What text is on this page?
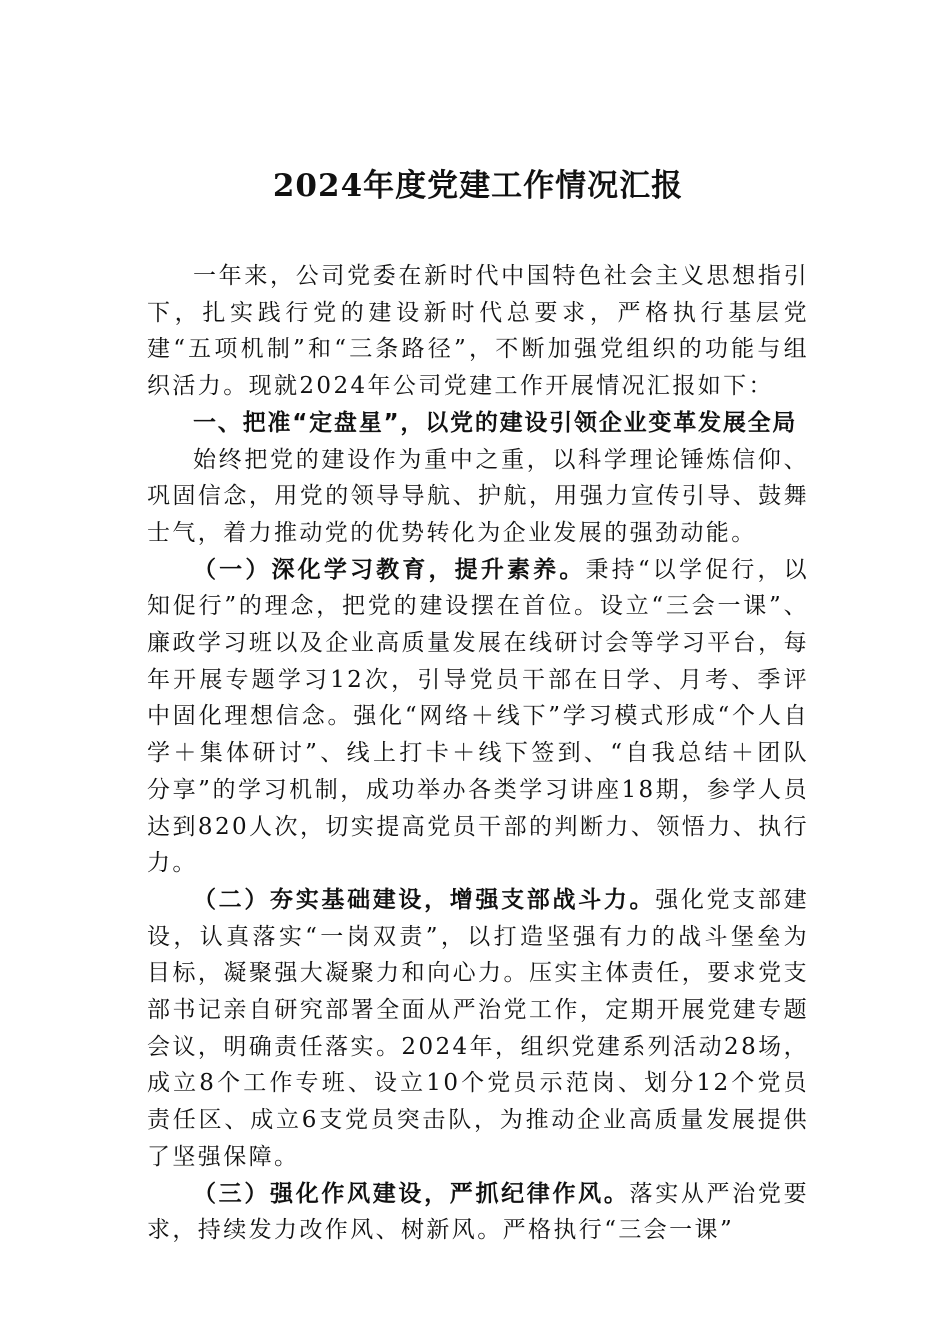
2024年度党建工作情况汇报

一年来，公司党委在新时代中国特色社会主义思想指引下，扎实践行党的建设新时代总要求，严格执行基层党建“五项机制”和“三条路径”，不断加强党组织的功能与组织活力。现就2024年公司党建工作开展情况汇报如下：

一、把准“定盘星”，以党的建设引领企业变革发展全局

始终把党的建设作为重中之重，以科学理论锤炼信仰、巩固信念，用党的领导导航、护航，用强力宣传引导、鼓舞士气，着力推动党的优势转化为企业发展的强劲动能。

（一）深化学习教育，提升素养。秉持“以学促行，以知促行”的理念，把党的建设摆在首位。设立“三会一课”、廉政学习班以及企业高质量发展在线研讨会等学习平台，每年开展专题学习12次，引导党员干部在日学、月考、季评中固化理想信念。强化“网络＋线下”学习模式形成“个人自学＋集体研讨”、线上打卡＋线下签到、“自我总结＋团队分享”的学习机制，成功举办各类学习讲座18期，参学人员达到820人次，切实提高党员干部的判断力、领悟力、执行力。

（二）夯实基础建设，增强支部战斗力。强化党支部建设，认真落实“一岗双责”，以打造坚强有力的战斗堡垒为目标，凝聚强大凝聚力和向心力。压实主体责任，要求党支部书记亲自研究部署全面从严治党工作，定期开展党建专题会议，明确责任落实。2024年，组织党建系列活动28场，成立8个工作专班、设立10个党员示范岗、划分12个党员责任区、成立6支党员突击队，为推动企业高质量发展提供了坚强保障。

（三）强化作风建设，严抓纪律作风。落实从严治党要求，持续发力改作风、树新风。严格执行“三会一课”
